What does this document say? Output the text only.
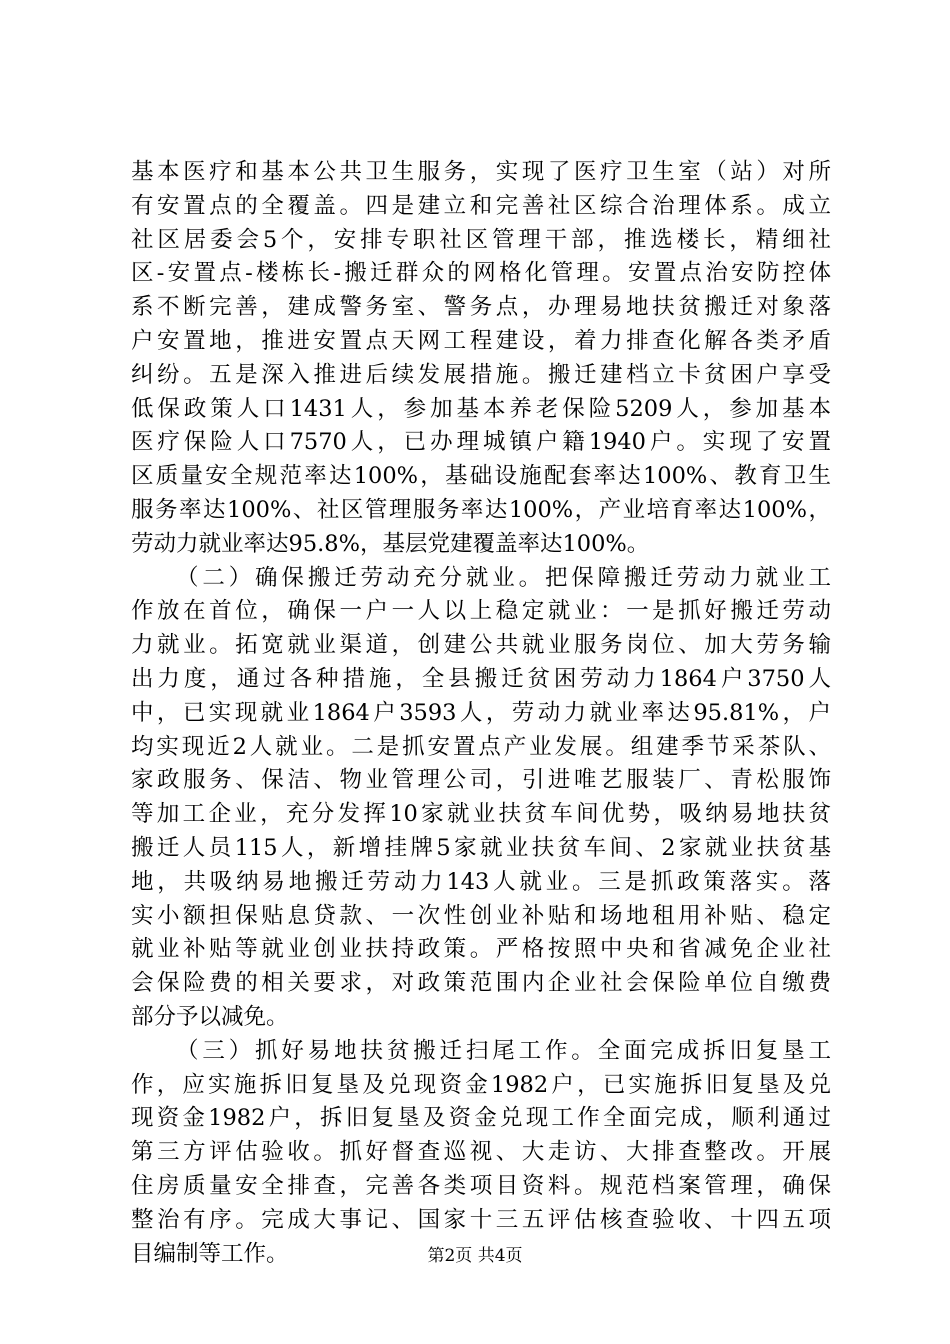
基本医疗和基本公共卫生服务，实现了医疗卫生室（站）对所
有安置点的全覆盖。四是建立和完善社区综合治理体系。成立
社区居委会5个，安排专职社区管理干部，推选楼长，精细社
区-安置点-楼栋长-搬迁群众的网格化管理。安置点治安防控体
系不断完善，建成警务室、警务点，办理易地扶贫搬迁对象落
户安置地，推进安置点天网工程建设，着力排查化解各类矛盾
纠纷。五是深入推进后续发展措施。搬迁建档立卡贫困户享受
低保政策人口1431人，参加基本养老保险5209人，参加基本
医疗保险人口7570人，已办理城镇户籍1940户。实现了安置
区质量安全规范率达100%，基础设施配套率达100%、教育卫生
服务率达100%、社区管理服务率达100%，产业培育率达100%，
劳动力就业率达95.8%，基层党建覆盖率达100%。
（二）确保搬迁劳动充分就业。把保障搬迁劳动力就业工
作放在首位，确保一户一人以上稳定就业：一是抓好搬迁劳动
力就业。拓宽就业渠道，创建公共就业服务岗位、加大劳务输
出力度，通过各种措施，全县搬迁贫困劳动力1864户3750人
中，已实现就业1864户3593人，劳动力就业率达95.81%，户
均实现近2人就业。二是抓安置点产业发展。组建季节采茶队、
家政服务、保洁、物业管理公司，引进唯艺服装厂、青松服饰
等加工企业，充分发挥10家就业扶贫车间优势，吸纳易地扶贫
搬迁人员115人，新增挂牌5家就业扶贫车间、2家就业扶贫基
地，共吸纳易地搬迁劳动力143人就业。三是抓政策落实。落
实小额担保贴息贷款、一次性创业补贴和场地租用补贴、稳定
就业补贴等就业创业扶持政策。严格按照中央和省减免企业社
会保险费的相关要求，对政策范围内企业社会保险单位自缴费
部分予以减免。
（三）抓好易地扶贫搬迁扫尾工作。全面完成拆旧复垦工
作，应实施拆旧复垦及兑现资金1982户，已实施拆旧复垦及兑
现资金1982户，拆旧复垦及资金兑现工作全面完成，顺利通过
第三方评估验收。抓好督查巡视、大走访、大排查整改。开展
住房质量安全排查，完善各类项目资料。规范档案管理，确保
整治有序。完成大事记、国家十三五评估核查验收、十四五项
目编制等工作。	第2页 共4页
